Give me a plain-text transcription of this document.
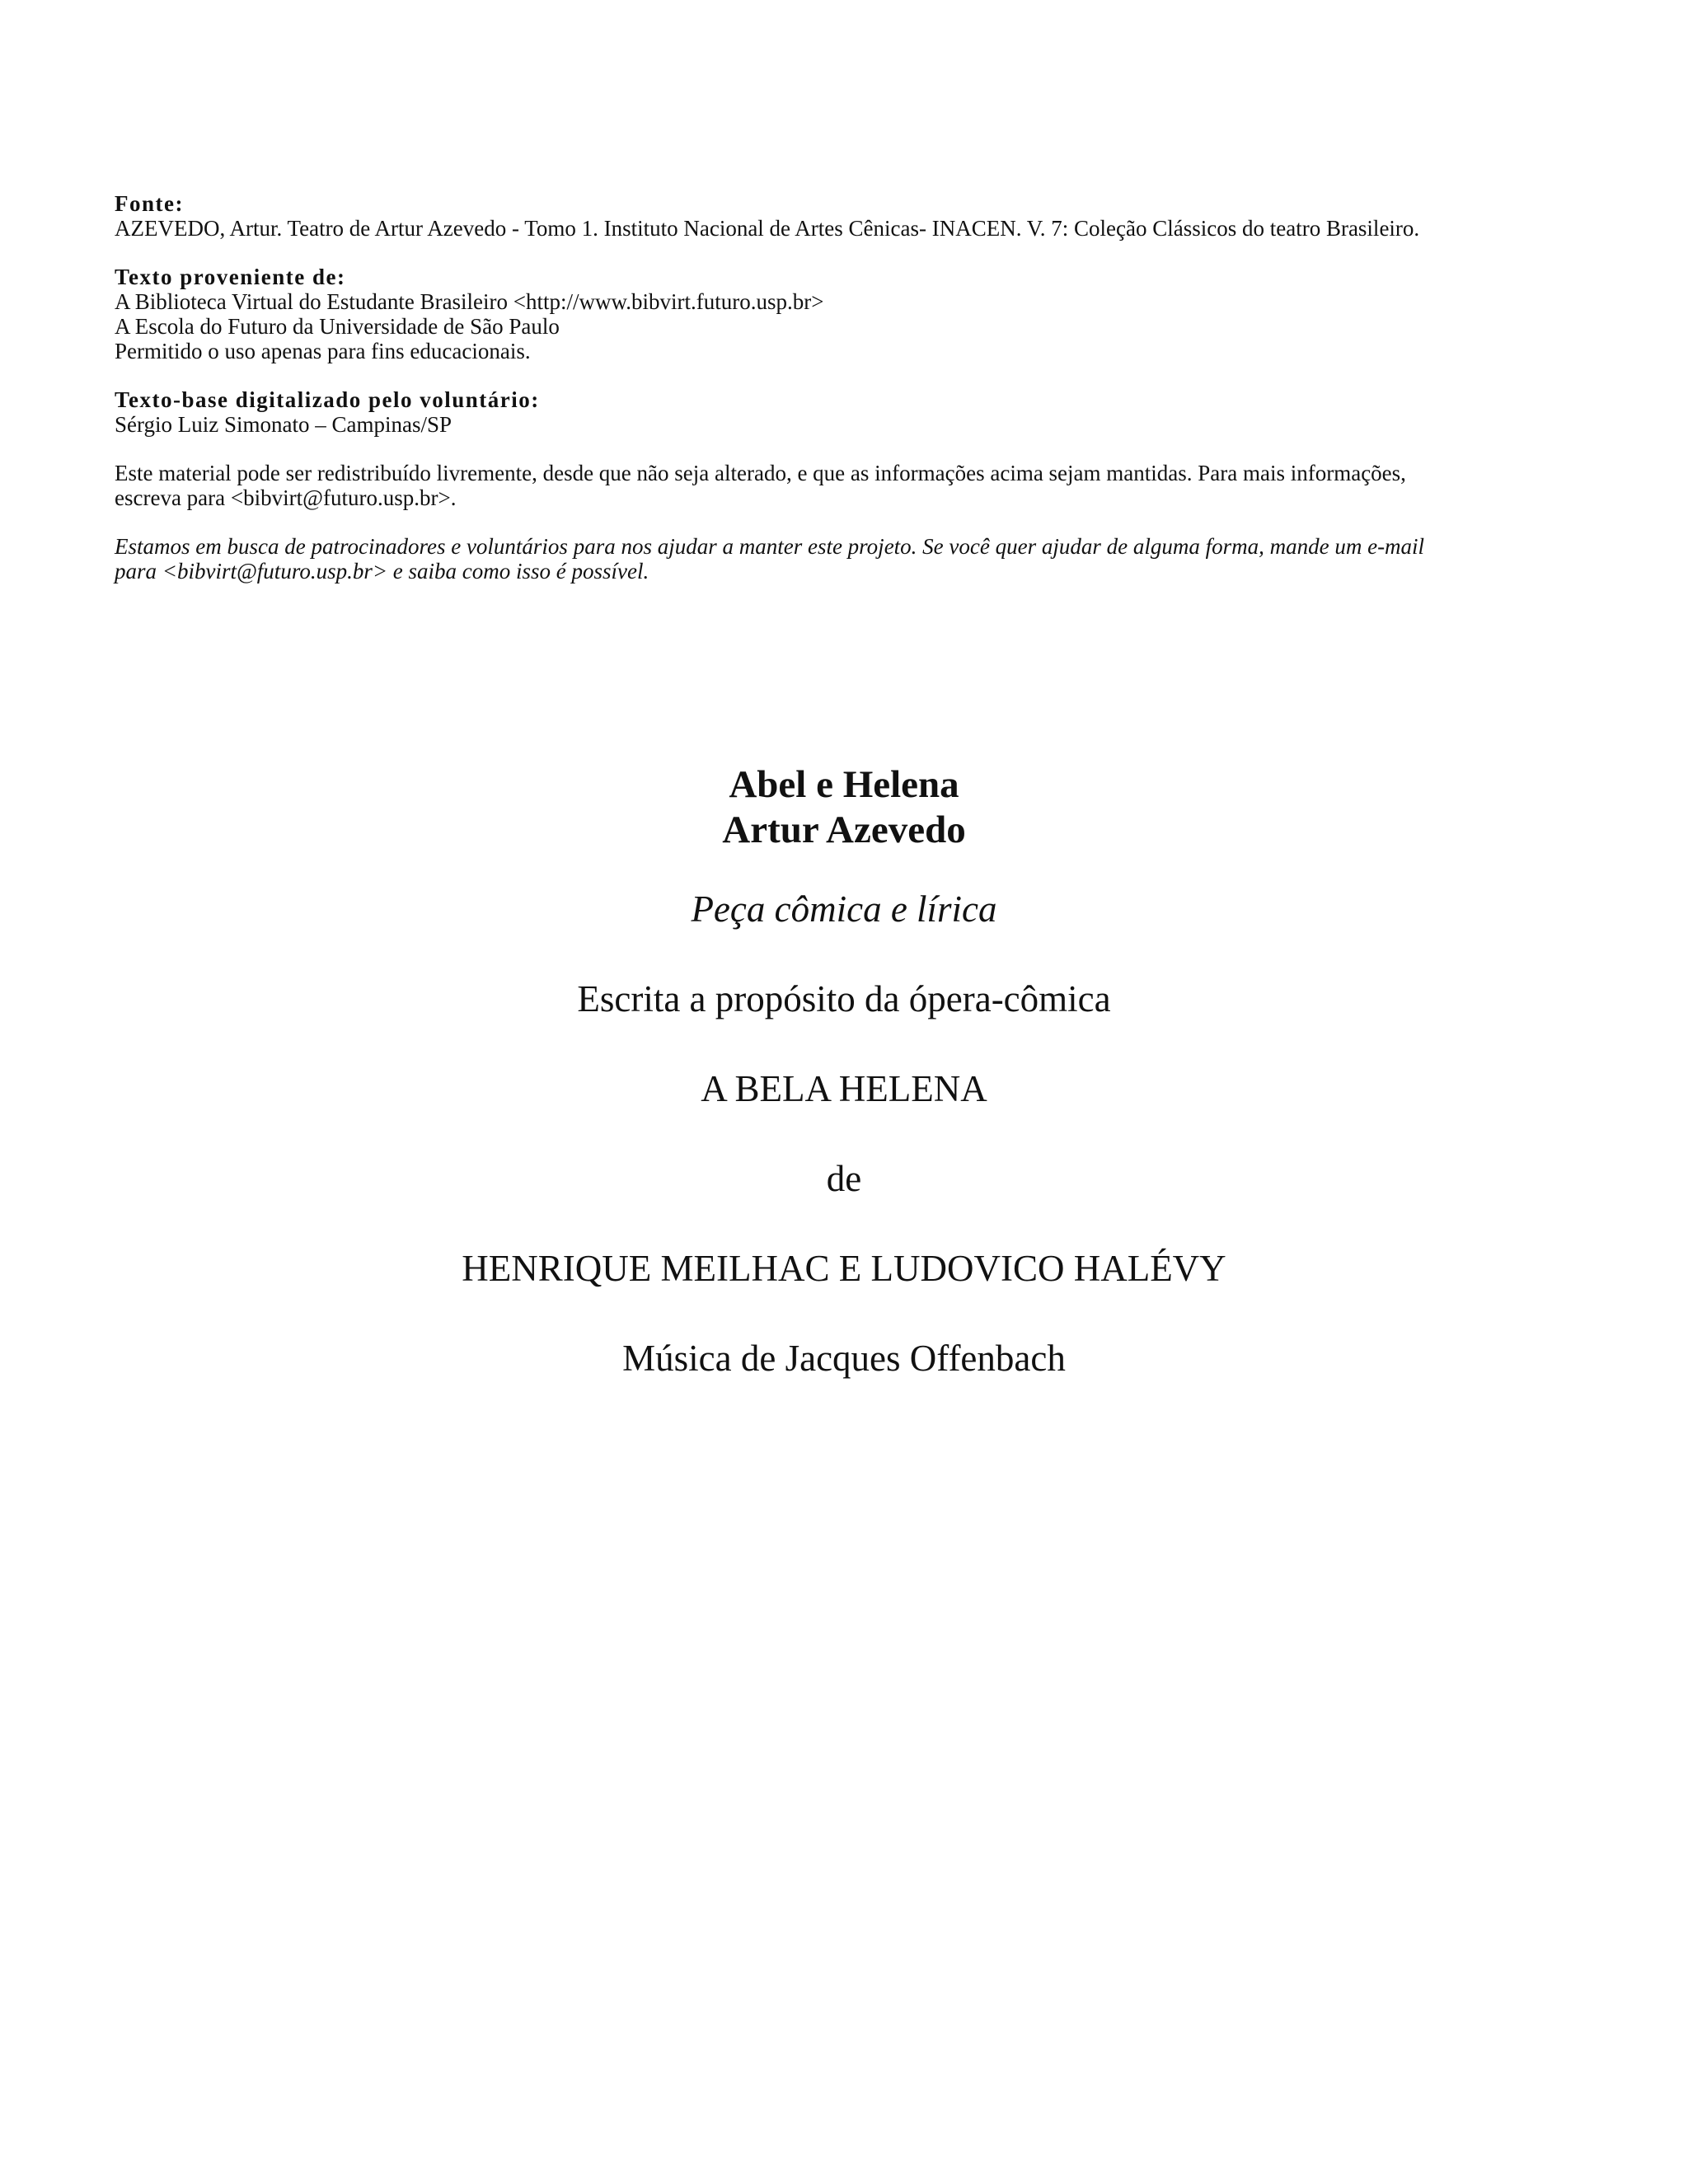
Fonte:

AZEVEDO, Artur. Teatro de Artur Azevedo - Tomo 1. Instituto Nacional de Artes Cênicas- INACEN. V. 7: Coleção Clássicos do teatro Brasileiro.

Texto proveniente de:

A Biblioteca Virtual do Estudante Brasileiro <http://www.bibvirt.futuro.usp.br>

A Escola do Futuro da Universidade de São Paulo

Permitido o uso apenas para fins educacionais.

Texto-base digitalizado pelo voluntário:

Sérgio Luiz Simonato – Campinas/SP

Este material pode ser redistribuído livremente, desde que não seja alterado, e que as informações acima sejam mantidas. Para mais informações,

escreva para <bibvirt@futuro.usp.br>.

Estamos em busca de patrocinadores e voluntários para nos ajudar a manter este projeto. Se você quer ajudar de alguma forma, mande um e-mail

para <bibvirt@futuro.usp.br> e saiba como isso é possível.

Abel e Helena

Artur Azevedo

Peça cômica e lírica

Escrita a propósito da ópera-cômica

A BELA HELENA

de

HENRIQUE MEILHAC E LUDOVICO HALÉVY

Música de Jacques Offenbach
